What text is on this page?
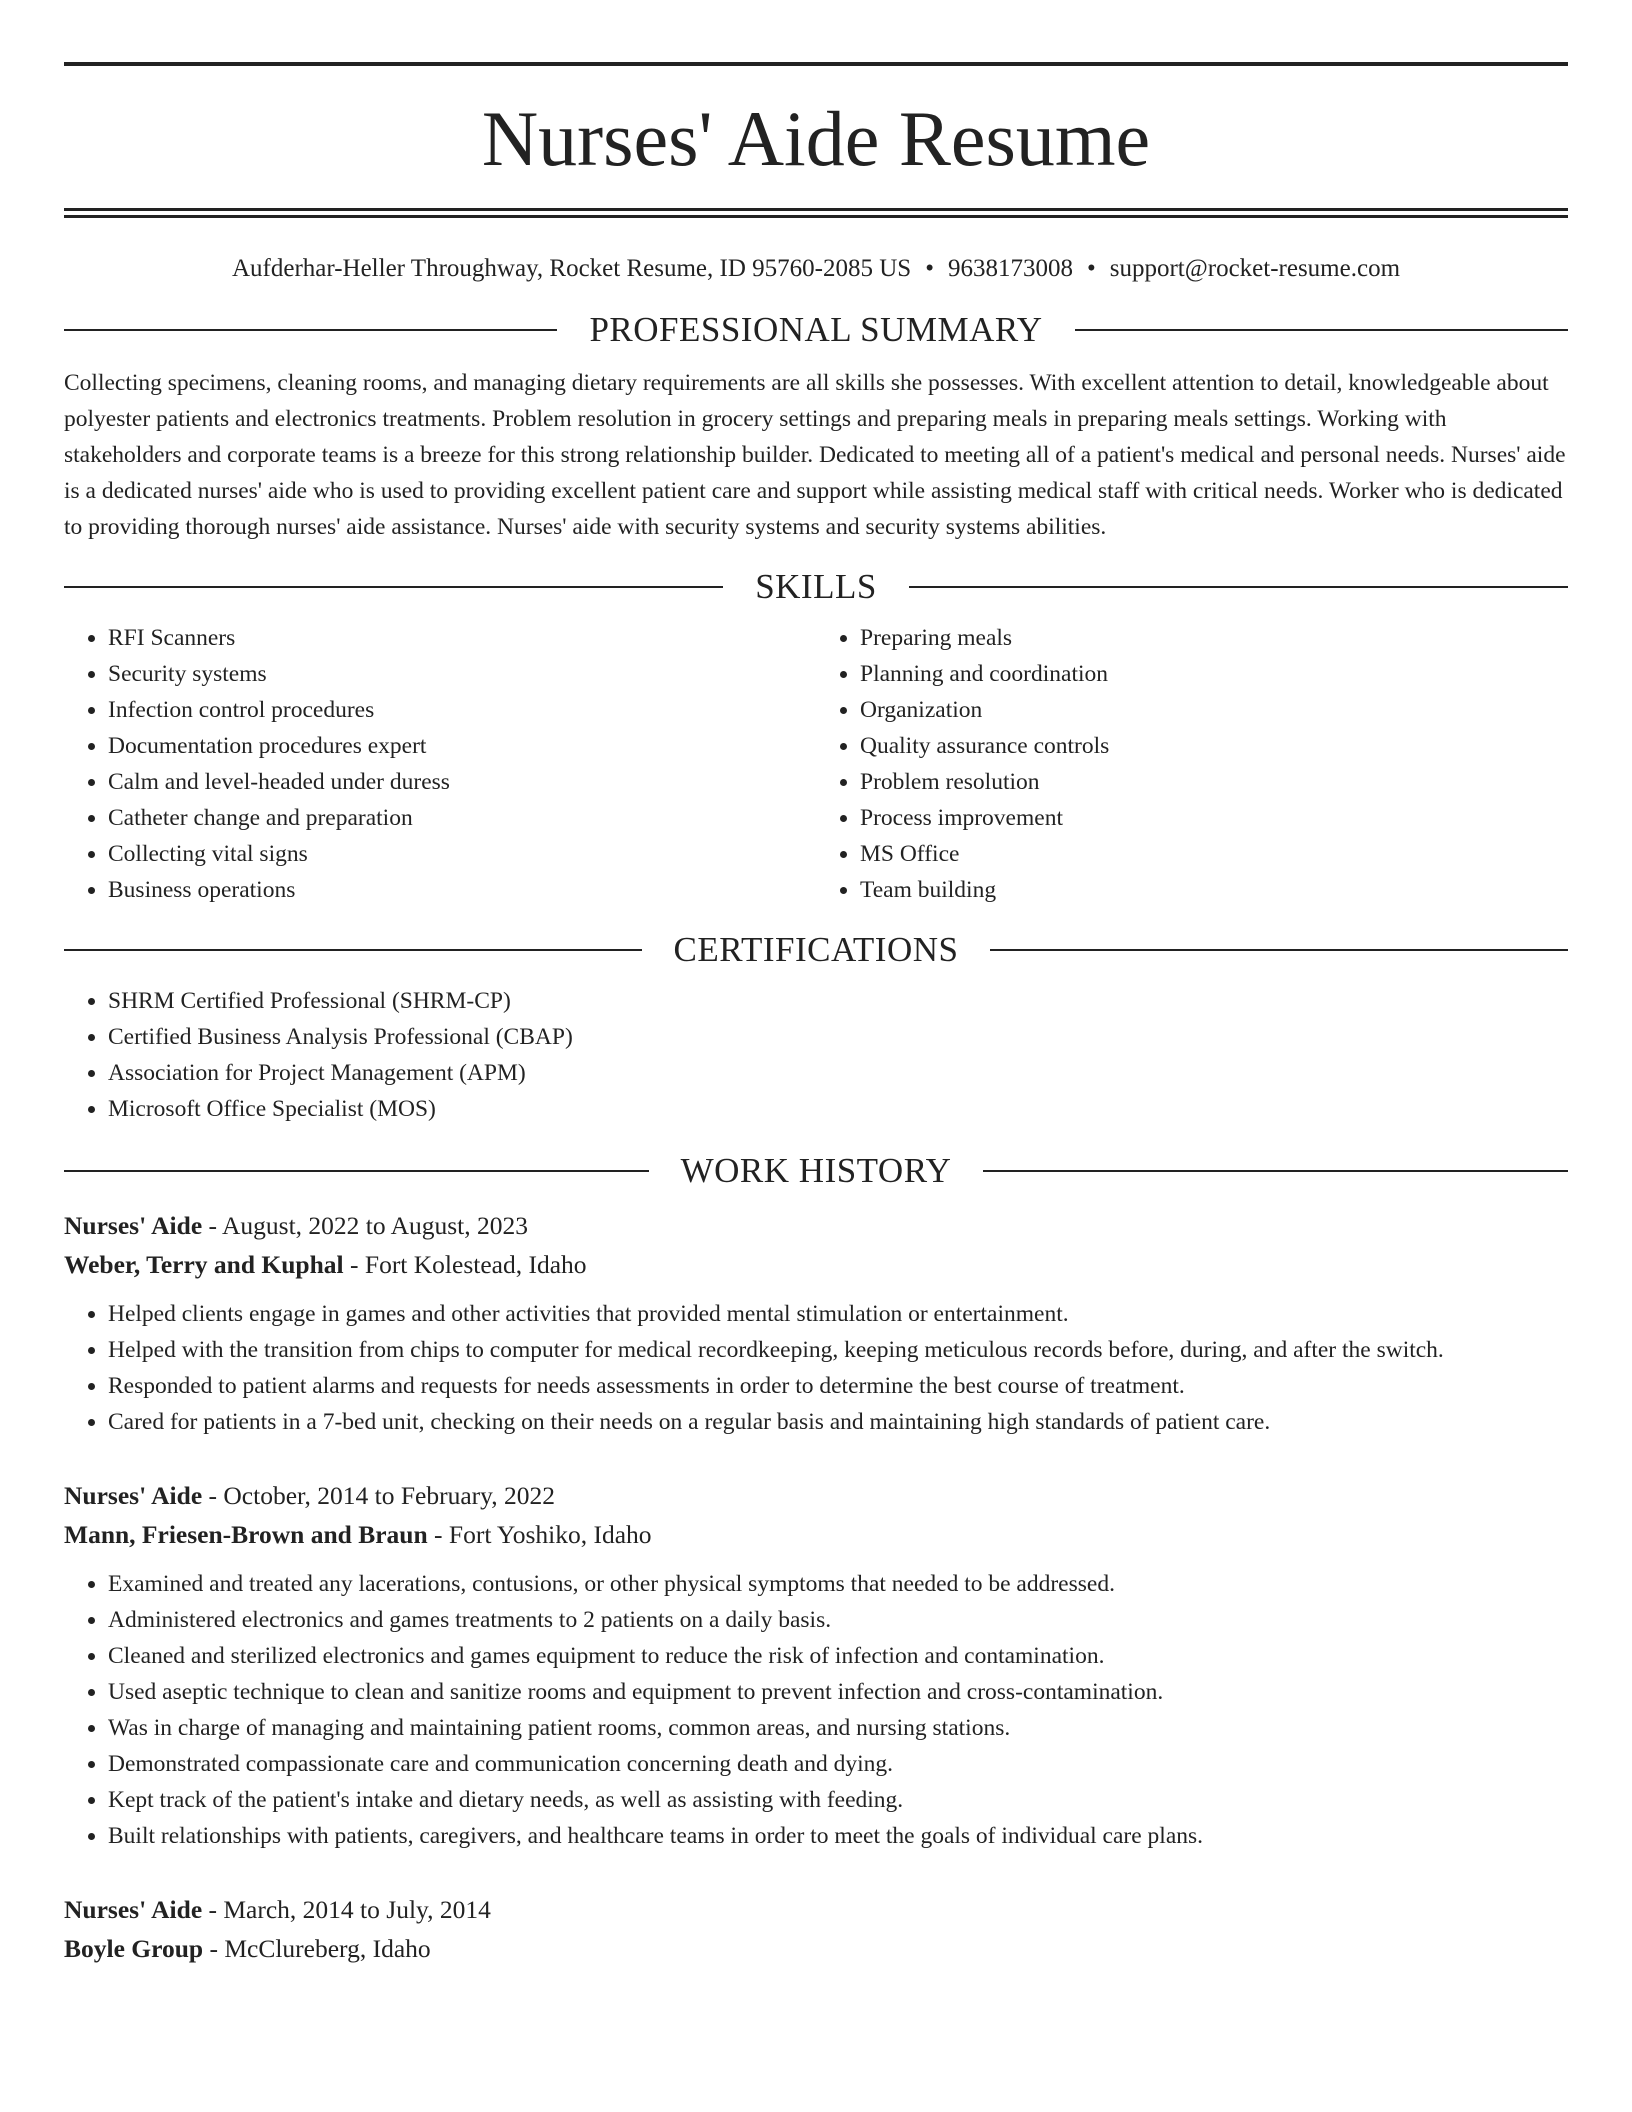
Nurses' Aide Resume
Aufderhar-Heller Throughway, Rocket Resume, ID 95760-2085 US • 9638173008 • support@rocket-resume.com
PROFESSIONAL SUMMARY

Collecting specimens, cleaning rooms, and managing dietary requirements are all skills she possesses. With excellent attention to detail, knowledgeable about polyester patients and electronics treatments. Problem resolution in grocery settings and preparing meals in preparing meals settings. Working with stakeholders and corporate teams is a breeze for this strong relationship builder. Dedicated to meeting all of a patient's medical and personal needs. Nurses' aide is a dedicated nurses' aide who is used to providing excellent patient care and support while assisting medical staff with critical needs. Worker who is dedicated to providing thorough nurses' aide assistance. Nurses' aide with security systems and security systems abilities.

SKILLS
• RFI Scanners
• Security systems
• Infection control procedures
• Documentation procedures expert
• Calm and level-headed under duress
• Catheter change and preparation
• Collecting vital signs
• Business operations
• Preparing meals
• Planning and coordination
• Organization
• Quality assurance controls
• Problem resolution
• Process improvement
• MS Office
• Team building
CERTIFICATIONS
• SHRM Certified Professional (SHRM-CP)
• Certified Business Analysis Professional (CBAP)
• Association for Project Management (APM)
• Microsoft Office Specialist (MOS)
WORK HISTORY
Nurses' Aide - August, 2022 to August, 2023
Weber, Terry and Kuphal - Fort Kolestead, Idaho
• Helped clients engage in games and other activities that provided mental stimulation or entertainment.
• Helped with the transition from chips to computer for medical recordkeeping, keeping meticulous records before, during, and after the switch.
• Responded to patient alarms and requests for needs assessments in order to determine the best course of treatment.
• Cared for patients in a 7-bed unit, checking on their needs on a regular basis and maintaining high standards of patient care.
Nurses' Aide - October, 2014 to February, 2022
Mann, Friesen-Brown and Braun - Fort Yoshiko, Idaho
• Examined and treated any lacerations, contusions, or other physical symptoms that needed to be addressed.
• Administered electronics and games treatments to 2 patients on a daily basis.
• Cleaned and sterilized electronics and games equipment to reduce the risk of infection and contamination.
• Used aseptic technique to clean and sanitize rooms and equipment to prevent infection and cross-contamination.
• Was in charge of managing and maintaining patient rooms, common areas, and nursing stations.
• Demonstrated compassionate care and communication concerning death and dying.
• Kept track of the patient's intake and dietary needs, as well as assisting with feeding.
• Built relationships with patients, caregivers, and healthcare teams in order to meet the goals of individual care plans.
Nurses' Aide - March, 2014 to July, 2014
Boyle Group - McClureberg, Idaho
